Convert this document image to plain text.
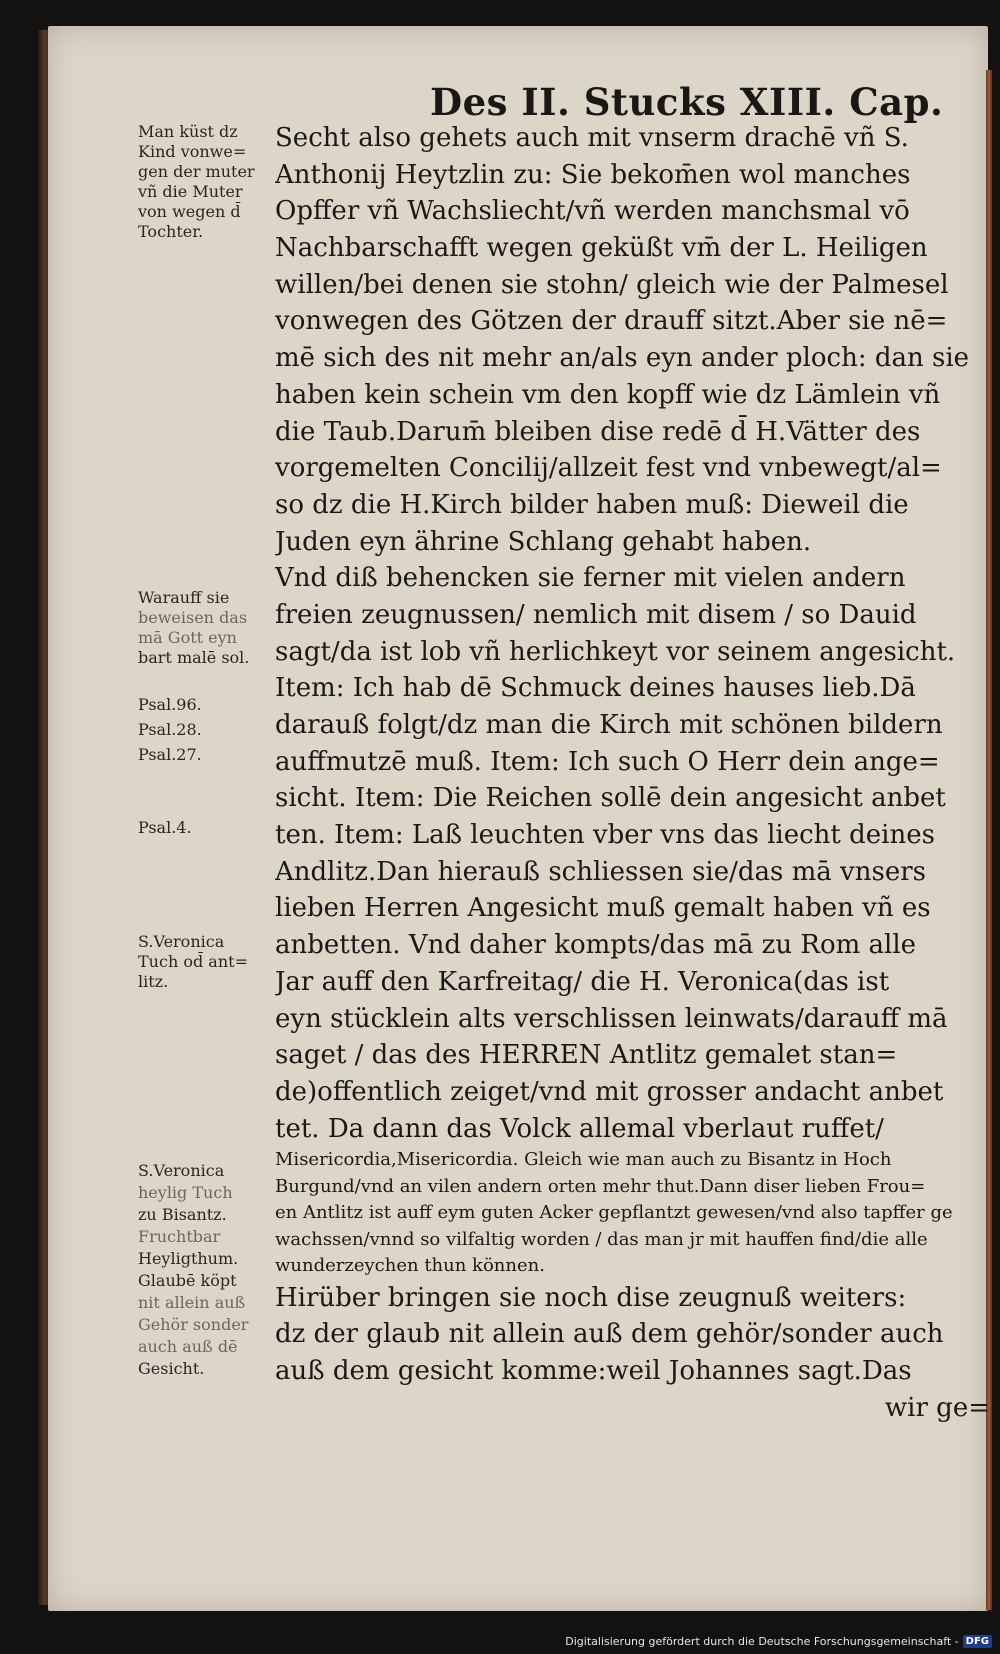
Des II. Stucks XIII. Cap.
Secht also gehets auch mit vnserm drachē vñ S.
Anthonij Heytzlin zu: Sie bekom̄en wol manches
Opffer vñ Wachsliecht/vñ werden manchsmal vō
Nachbarschafft wegen geküßt vm̄ der L. Heiligen
willen/bei denen sie stohn/ gleich wie der Palmesel
vonwegen des Götzen der drauff sitzt.Aber sie nē=
mē sich des nit mehr an/als eyn ander ploch: dan sie
haben kein schein vm den kopff wie dz Lämlein vñ
die Taub.Darum̄ bleiben dise redē d̄ H.Vätter des
vorgemelten Concilij/allzeit fest vnd vnbewegt/al=
so dz die H.Kirch bilder haben muß: Dieweil die
Juden eyn ährine Schlang gehabt haben.
Vnd diß behencken sie ferner mit vielen andern
freien zeugnussen/ nemlich mit disem / so Dauid
sagt/da ist lob vñ herlichkeyt vor seinem angesicht.
Item: Ich hab dē Schmuck deines hauses lieb.Dā
darauß folgt/dz man die Kirch mit schönen bildern
auffmutzē muß. Item: Ich such O Herr dein ange=
sicht. Item: Die Reichen sollē dein angesicht anbet
ten. Item: Laß leuchten vber vns das liecht deines
Andlitz.Dan hierauß schliessen sie/das mā vnsers
lieben Herren Angesicht muß gemalt haben vñ es
anbetten. Vnd daher kompts/das mā zu Rom alle
Jar auff den Karfreitag/ die H. Veronica(das ist
eyn stücklein alts verschlissen leinwats/darauff mā
saget / das des HERREN Antlitz gemalet stan=
de)offentlich zeiget/vnd mit grosser andacht anbet
tet. Da dann das Volck allemal vberlaut ruffet/
Misericordia,Misericordia. Gleich wie man auch zu Bisantz in Hoch
Burgund/vnd an vilen andern orten mehr thut.Dann diser lieben Frou=
en Antlitz ist auff eym guten Acker gepflantzt gewesen/vnd also tapffer ge
wachssen/vnnd so vilfaltig worden / das man jr mit hauffen find/die alle
wunderzeychen thun können.
Hirüber bringen sie noch dise zeugnuß weiters:
dz der glaub nit allein auß dem gehör/sonder auch
auß dem gesicht komme:weil Johannes sagt.Das
wir ge=
Man küst dz
Kind vonwe=
gen der muter
vñ die Muter
von wegen d̄
Tochter.
Warauff sie
beweisen das
mā Gott eyn
bart malē sol.
Psal.96.
Psal.28.
Psal.27.
Psal.4.
S.Veronica
Tuch od̄ ant=
litz.
S.Veronica
heylig Tuch
zu Bisantz.
Fruchtbar
Heyligthum.
Glaubē köpt
nit allein auß
Gehör sonder
auch auß dē
Gesicht.
Digitalisierung gefördert durch die Deutsche Forschungsgemeinschaft - DFG
